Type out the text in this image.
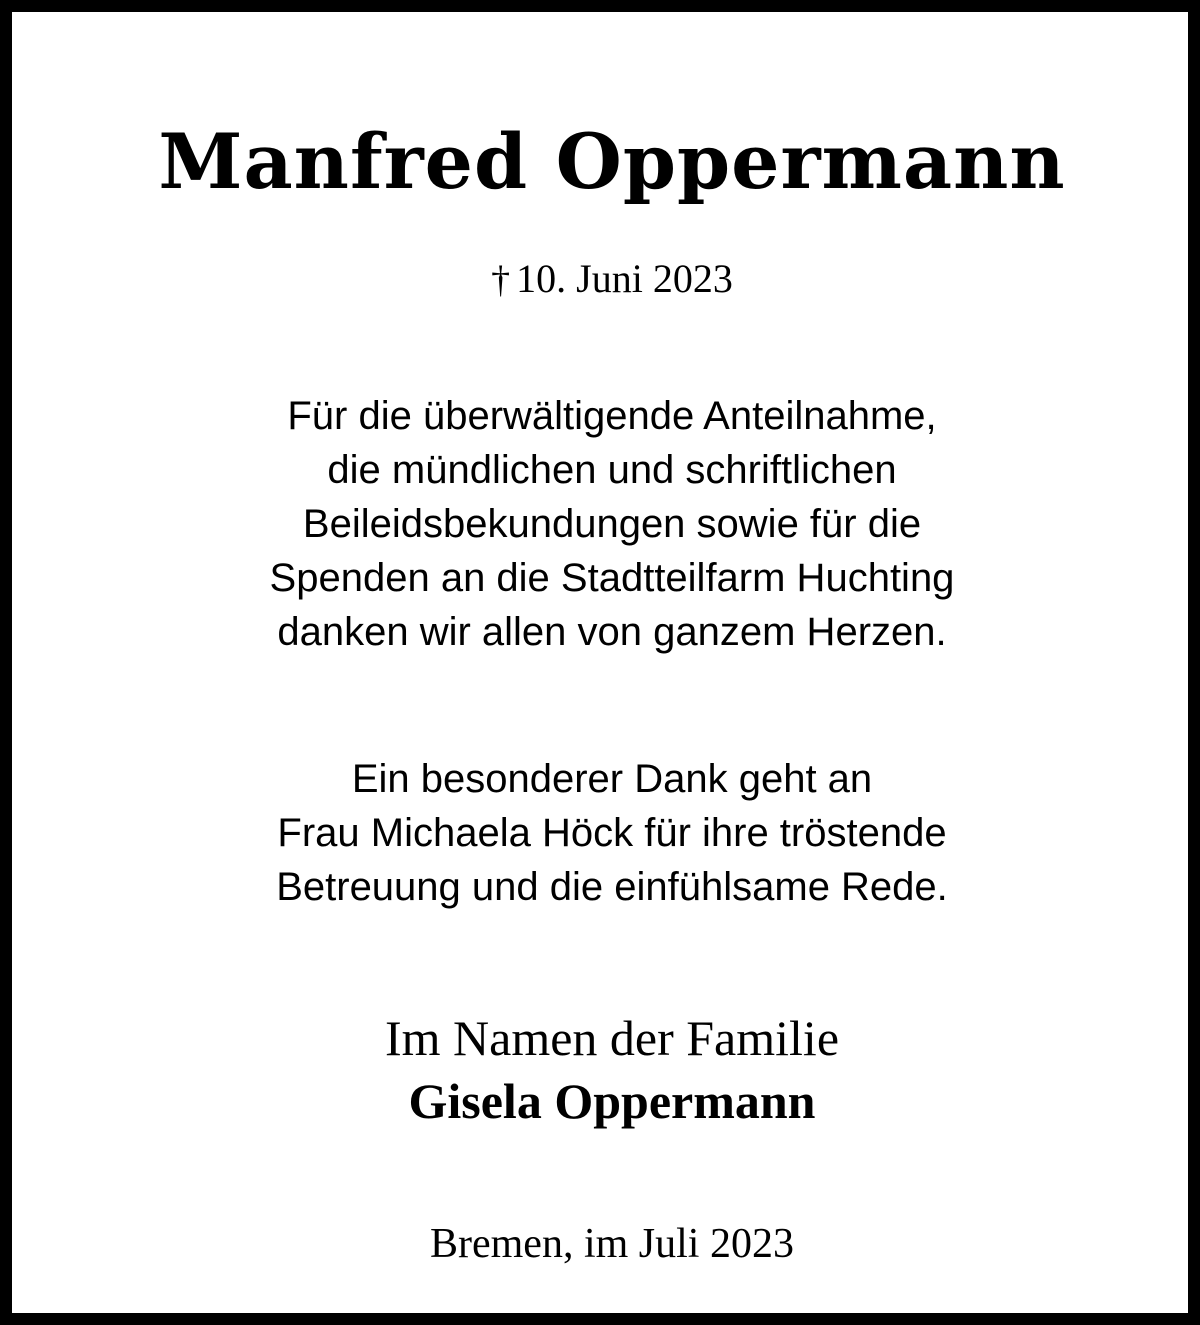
Manfred Oppermann
† 10. Juni 2023
Für die überwältigende Anteilnahme,
die mündlichen und schriftlichen
Beileidsbekundungen sowie für die
Spenden an die Stadtteilfarm Huchting
danken wir allen von ganzem Herzen.
Ein besonderer Dank geht an
Frau Michaela Höck für ihre tröstende
Betreuung und die einfühlsame Rede.
Im Namen der Familie
Gisela Oppermann
Bremen, im Juli 2023
